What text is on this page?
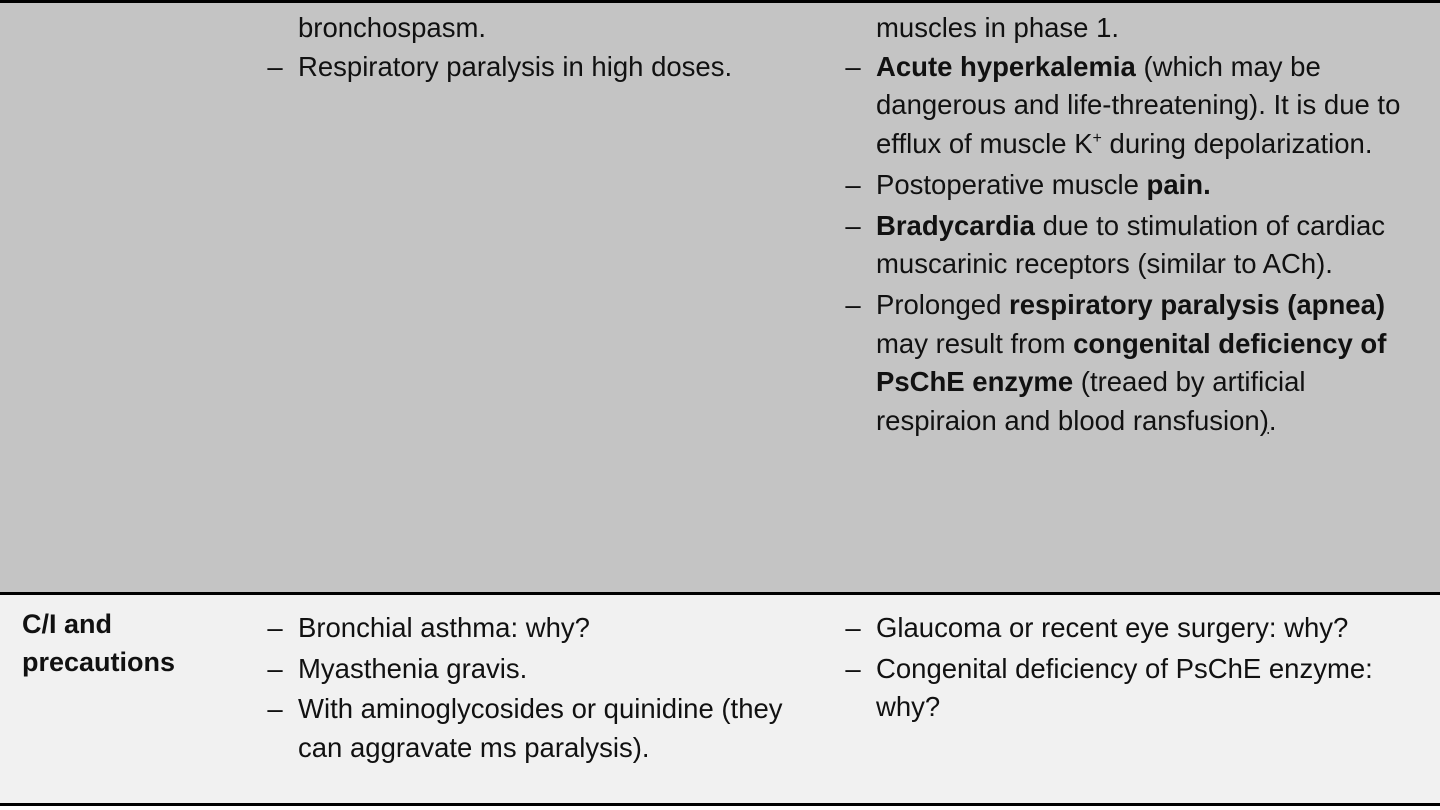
bronchospasm.
– Respiratory paralysis in high doses.
muscles in phase 1.
– Acute hyperkalemia (which may be dangerous and life-threatening). It is due to efflux of muscle K+ during depolarization.
– Postoperative muscle pain.
– Bradycardia due to stimulation of cardiac muscarinic receptors (similar to ACh).
– Prolonged respiratory paralysis (apnea) may result from congenital deficiency of PsChE enzyme (treaed by artificial respiraion and blood ransfusion).
C/I and precautions
– Bronchial asthma: why?
– Myasthenia gravis.
– With aminoglycosides or quinidine (they can aggravate ms paralysis).
– Glaucoma or recent eye surgery: why?
– Congenital deficiency of PsChE enzyme: why?
